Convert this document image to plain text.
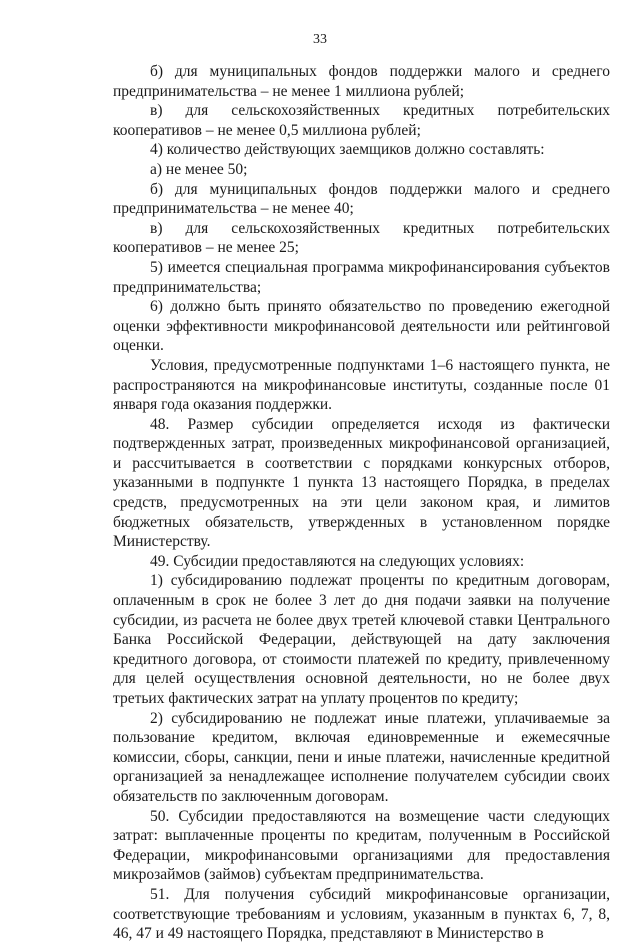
33

б) для муниципальных фондов поддержки малого и среднего предпринимательства – не менее 1 миллиона рублей;

в) для сельскохозяйственных кредитных потребительских кооперативов – не менее 0,5 миллиона рублей;

4) количество действующих заемщиков должно составлять:

а) не менее 50;

б) для муниципальных фондов поддержки малого и среднего предпринимательства – не менее 40;

в) для сельскохозяйственных кредитных потребительских кооперативов – не менее 25;

5) имеется специальная программа микрофинансирования субъектов предпринимательства;

6) должно быть принято обязательство по проведению ежегодной оценки эффективности микрофинансовой деятельности или рейтинговой оценки.

Условия, предусмотренные подпунктами 1–6 настоящего пункта, не распространяются на микрофинансовые институты, созданные после 01 января года оказания поддержки.

48. Размер субсидии определяется исходя из фактически подтвержденных затрат, произведенных микрофинансовой организацией, и рассчитывается в соответствии с порядками конкурсных отборов, указанными в подпункте 1 пункта 13 настоящего Порядка, в пределах средств, предусмотренных на эти цели законом края, и лимитов бюджетных обязательств, утвержденных в установленном порядке Министерству.

49. Субсидии предоставляются на следующих условиях:

1) субсидированию подлежат проценты по кредитным договорам, оплаченным в срок не более 3 лет до дня подачи заявки на получение субсидии, из расчета не более двух третей ключевой ставки Центрального Банка Российской Федерации, действующей на дату заключения кредитного договора, от стоимости платежей по кредиту, привлеченному для целей осуществления основной деятельности, но не более двух третьих фактических затрат на уплату процентов по кредиту;

2) субсидированию не подлежат иные платежи, уплачиваемые за пользование кредитом, включая единовременные и ежемесячные комиссии, сборы, санкции, пени и иные платежи, начисленные кредитной организацией за ненадлежащее исполнение получателем субсидии своих обязательств по заключенным договорам.

50. Субсидии предоставляются на возмещение части следующих затрат: выплаченные проценты по кредитам, полученным в Российской Федерации, микрофинансовыми организациями для предоставления микрозаймов (займов) субъектам предпринимательства.

51. Для получения субсидий микрофинансовые организации, соответствующие требованиям и условиям, указанным в пунктах 6, 7, 8, 46, 47 и 49 настоящего Порядка, представляют в Министерство в
